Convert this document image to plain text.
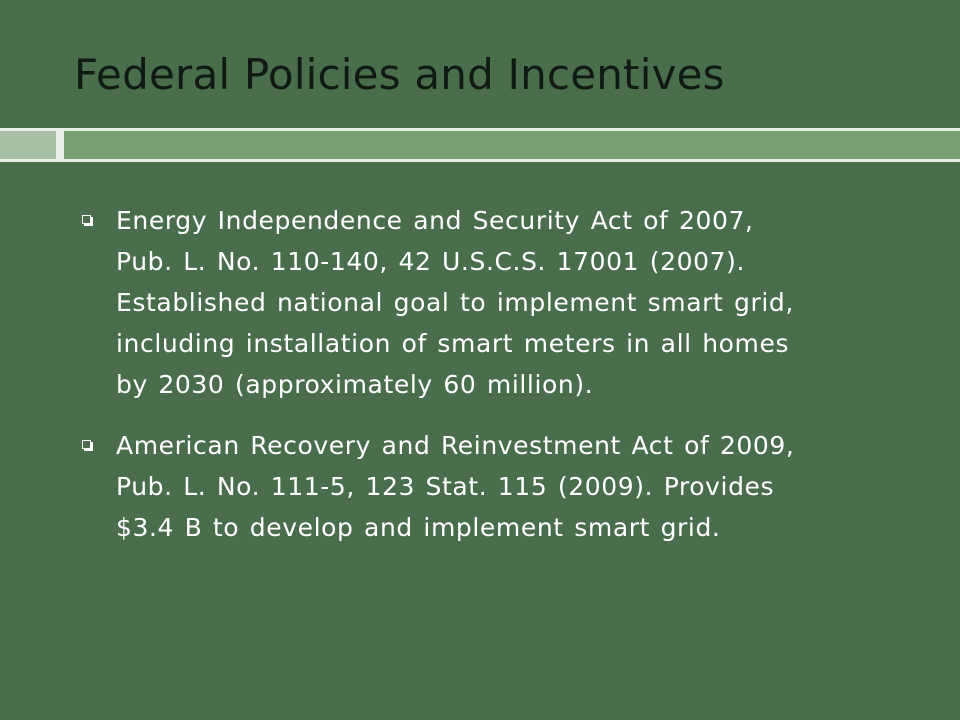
Federal Policies and Incentives
Energy Independence and Security Act of 2007, Pub. L. No. 110-140, 42 U.S.C.S. 17001 (2007). Established national goal to implement smart grid, including installation of smart meters in all homes by 2030 (approximately 60 million).
American Recovery and Reinvestment Act of 2009, Pub. L. No. 111-5, 123 Stat. 115 (2009). Provides $3.4 B to develop and implement smart grid.
